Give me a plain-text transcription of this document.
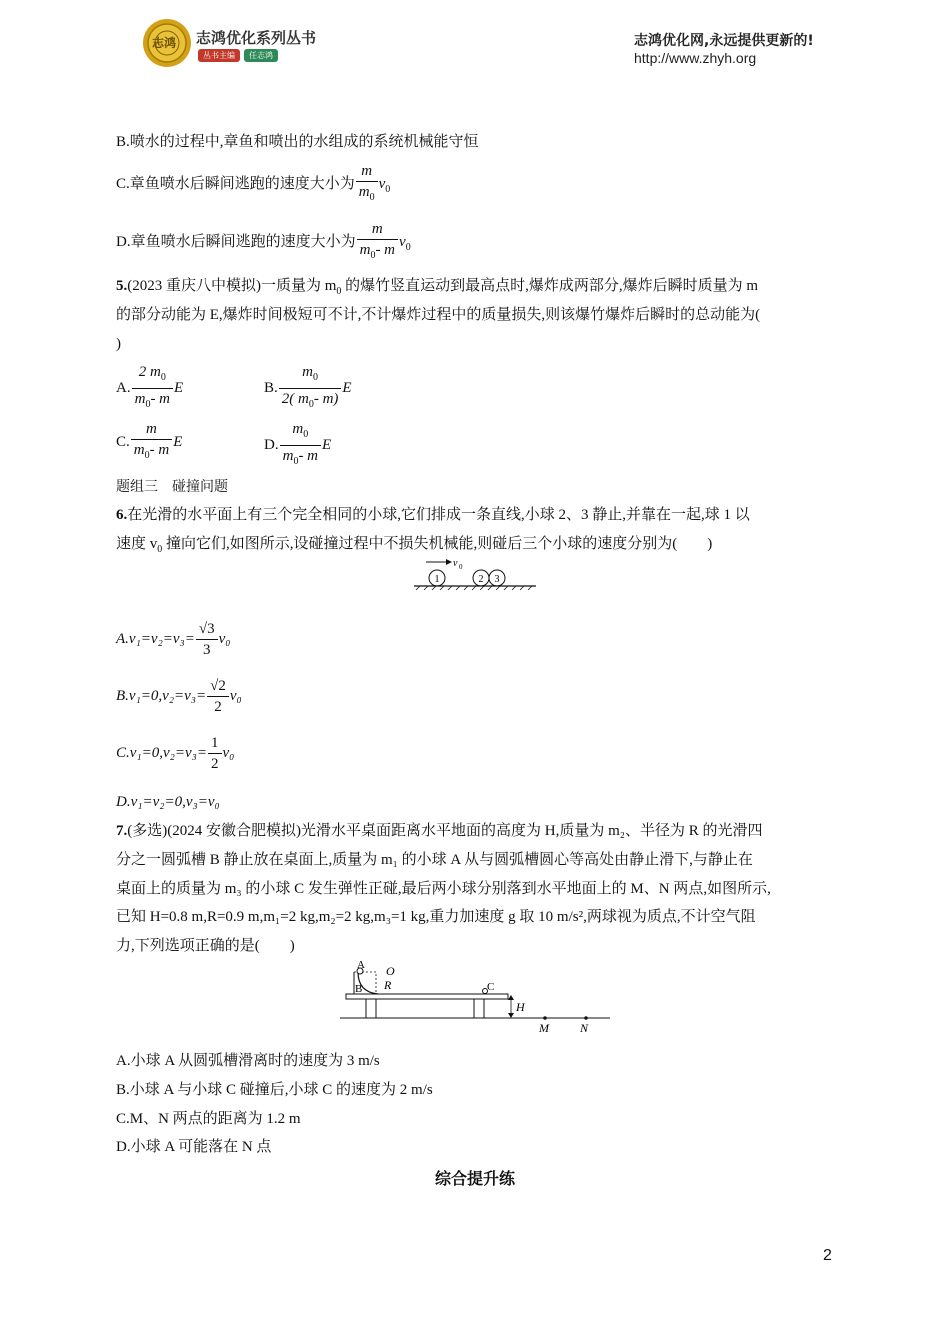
志鸿 志鸿优化系列丛书
丛书主编	任志鸿
志鸿优化网,永远提供更新的!
http://www.zhyh.org
B.喷水的过程中,章鱼和喷出的水组成的系统机械能守恒
C.章鱼喷水后瞬间逃跑的速度大小为 $\frac{m}{m_0} v_0$
D.章鱼喷水后瞬间逃跑的速度大小为 $\frac{m}{m_0- m} v_0$
5.(2023 重庆八中模拟)一质量为 $m_0$ 的爆竹竖直运动到最高点时,爆炸成两部分,爆炸后瞬时质量为 m
的部分动能为 E,爆炸时间极短可不计,不计爆炸过程中的质量损失,则该爆竹爆炸后瞬时的总动能为(
)
A. $\frac{2 m_0}{m_0- m}$ E	B. $\frac{m_0}{2( m_0- m)}$ E
C. $\frac{m}{m_0- m}$ E	D. $\frac{m_0}{m_0- m}$ E
题组三　碰撞问题
6.在光滑的水平面上有三个完全相同的小球,它们排成一条直线,小球 2、3 静止,并靠在一起,球 1 以
速度 $v_0$ 撞向它们,如图所示,设碰撞过程中不损失机械能,则碰后三个小球的速度分别为(　　)
v 0
1	2 3
$A.v_1=v_2=v_3= \frac{√3}{3} v_0$
$B.v_1=0,v_2=v_3= \frac{√2}{2} v_0$
$C.v_1=0,v_2=v_3= \frac{1}{2} v_0$
D.v₁=v₂=0,v₃=v₀
7.(多选)(2024 安徽合肥模拟)光滑水平桌面距离水平地面的高度为 H,质量为 m₂、半径为 R 的光滑四
分之一圆弧槽 B 静止放在桌面上,质量为 m₁ 的小球 A 从与圆弧槽圆心等高处由静止滑下,与静止在
桌面上的质量为 m₃ 的小球 C 发生弹性正碰,最后两小球分别落到水平地面上的 M、N 两点,如图所示,
已知 H=0.8 m,R=0.9 m,m₁=2 kg,m₂=2 kg,m₃=1 kg,重力加速度 g 取 10 m/s²,两球视为质点,不计空气阻
力,下列选项正确的是(　　)
A O
R
B	C
H
M	N
A.小球 A 从圆弧槽滑离时的速度为 3 m/s
B.小球 A 与小球 C 碰撞后,小球 C 的速度为 2 m/s
C.M、N 两点的距离为 1.2 m
D.小球 A 可能落在 N 点
综合提升练
2
